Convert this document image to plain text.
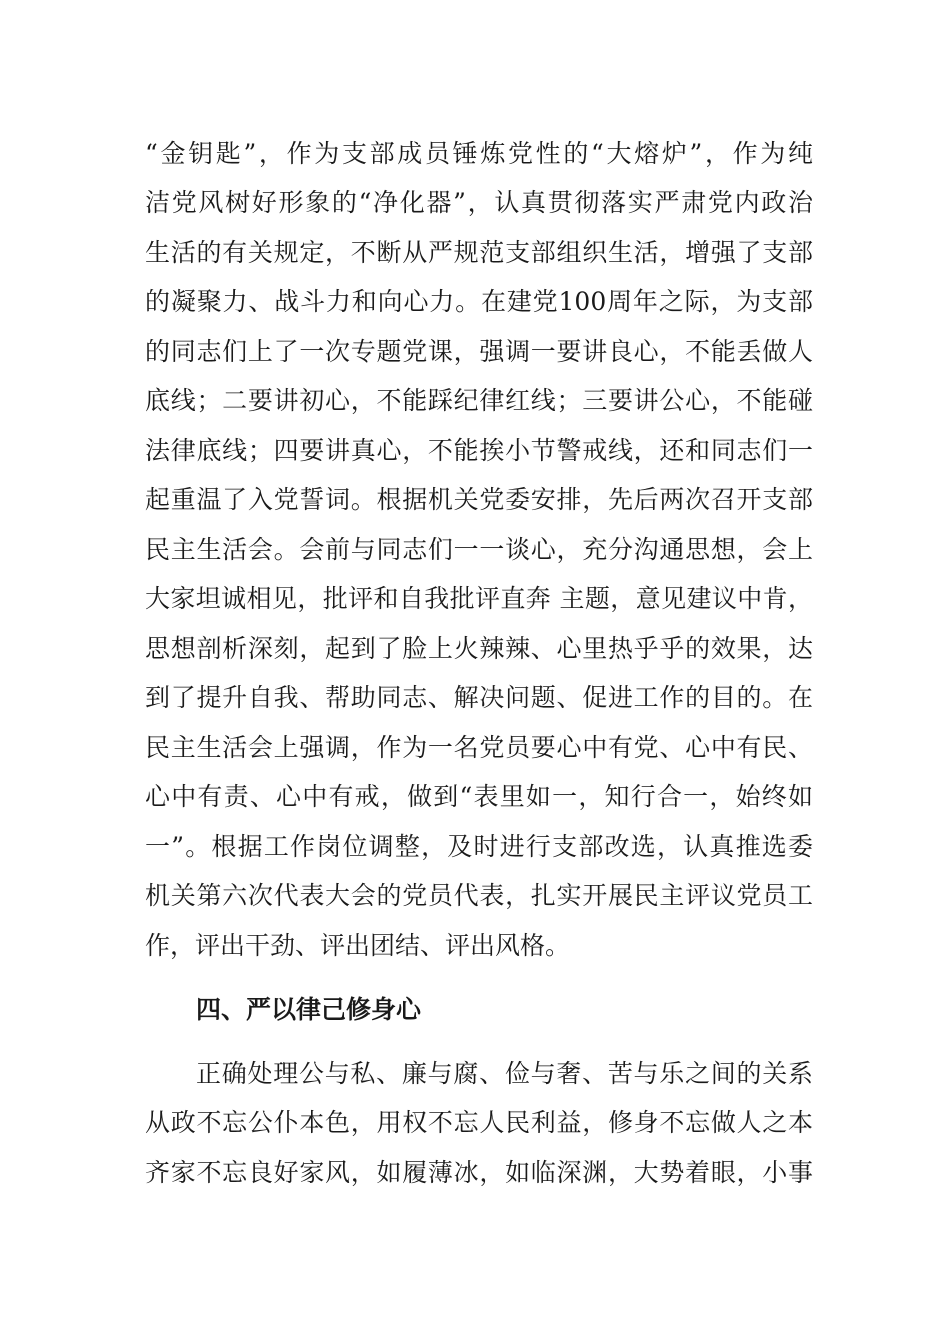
“金钥匙”，作为支部成员锤炼党性的“大熔炉”，作为纯
洁党风树好形象的“净化器”，认真贯彻落实严肃党内政治
生活的有关规定，不断从严规范支部组织生活，增强了支部
的凝聚力、战斗力和向心力。在建党100周年之际，为支部
的同志们上了一次专题党课，强调一要讲良心，不能丢做人
底线；二要讲初心，不能踩纪律红线；三要讲公心，不能碰
法律底线；四要讲真心，不能挨小节警戒线，还和同志们一
起重温了入党誓词。根据机关党委安排，先后两次召开支部
民主生活会。会前与同志们一一谈心，充分沟通思想，会上
大家坦诚相见，批评和自我批评直奔 主题，意见建议中肯，
思想剖析深刻，起到了脸上火辣辣、心里热乎乎的效果，达
到了提升自我、帮助同志、解决问题、促进工作的目的。在
民主生活会上强调，作为一名党员要心中有党、心中有民、
心中有责、心中有戒，做到“表里如一，知行合一，始终如
一”。根据工作岗位调整，及时进行支部改选，认真推选委
机关第六次代表大会的党员代表，扎实开展民主评议党员工
作，评出干劲、评出团结、评出风格。
四、严以律己修身心
正确处理公与私、廉与腐、俭与奢、苦与乐之间的关系
从政不忘公仆本色，用权不忘人民利益，修身不忘做人之本
齐家不忘良好家风，如履薄冰，如临深渊，大势着眼，小事
